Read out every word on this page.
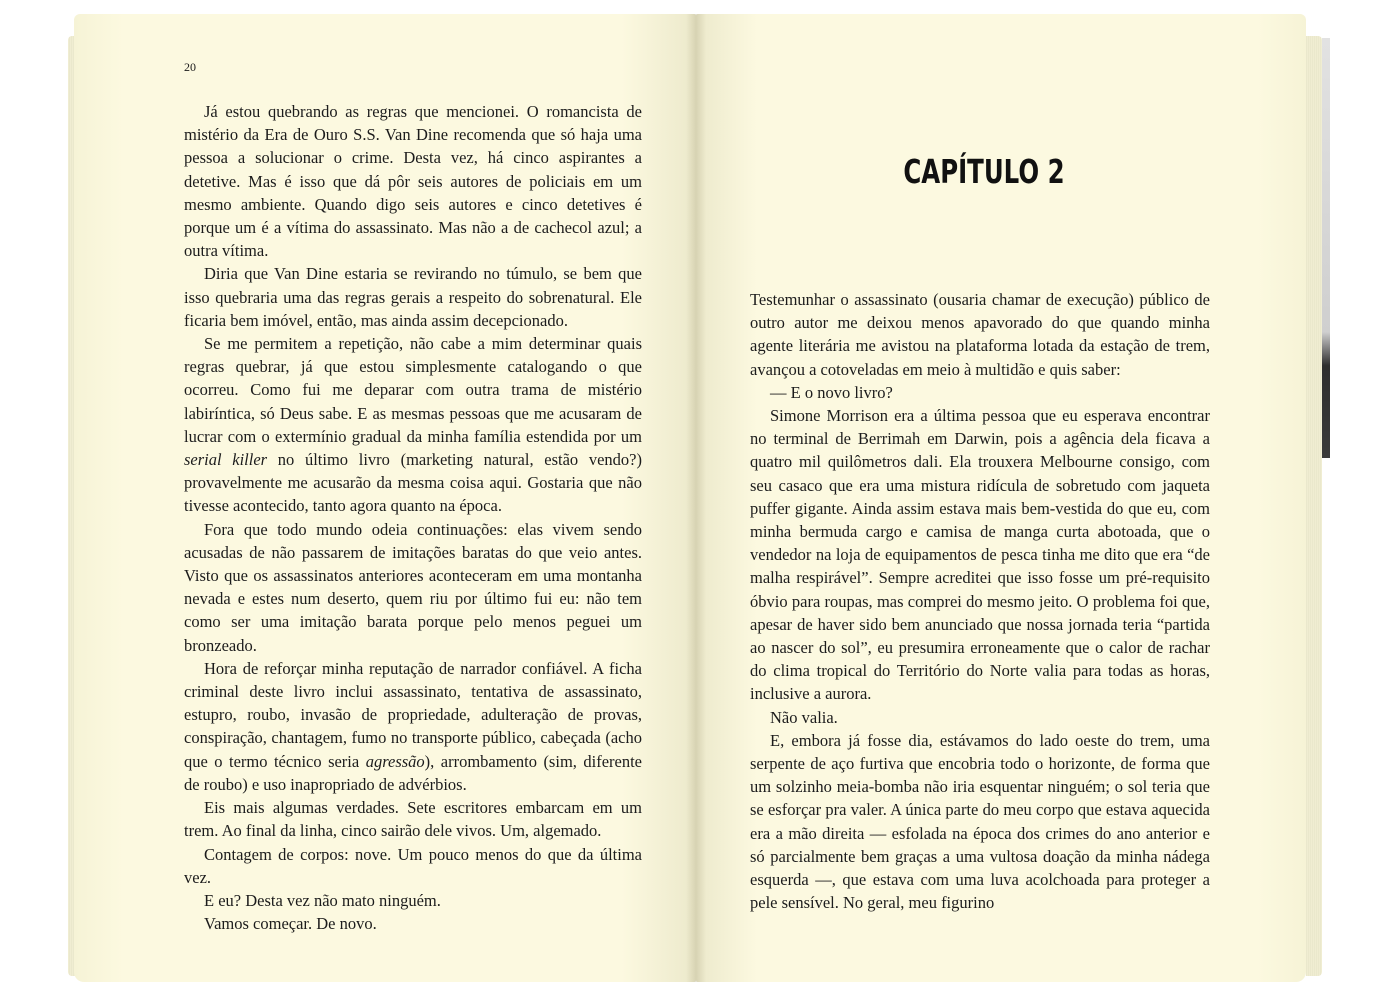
20

Já estou quebrando as regras que mencionei. O romancista de mistério da Era de Ouro S.S. Van Dine recomenda que só haja uma pessoa a solucionar o crime. Desta vez, há cinco aspirantes a detetive. Mas é isso que dá pôr seis autores de policiais em um mesmo ambiente. Quando digo seis autores e cinco detetives é porque um é a vítima do assassinato. Mas não a de cachecol azul; a outra vítima.

Diria que Van Dine estaria se revirando no túmulo, se bem que isso quebraria uma das regras gerais a respeito do sobrenatural. Ele ficaria bem imóvel, então, mas ainda assim decepcionado.

Se me permitem a repetição, não cabe a mim determinar quais regras quebrar, já que estou simplesmente catalogando o que ocorreu. Como fui me deparar com outra trama de mistério labiríntica, só Deus sabe. E as mesmas pessoas que me acusaram de lucrar com o extermínio gradual da minha família estendida por um serial killer no último livro (marketing natural, estão vendo?) provavelmente me acusarão da mesma coisa aqui. Gostaria que não tivesse acontecido, tanto agora quanto na época.

Fora que todo mundo odeia continuações: elas vivem sendo acusadas de não passarem de imitações baratas do que veio antes. Visto que os assassinatos anteriores aconteceram em uma montanha nevada e estes num deserto, quem riu por último fui eu: não tem como ser uma imitação barata porque pelo menos peguei um bronzeado.

Hora de reforçar minha reputação de narrador confiável. A ficha criminal deste livro inclui assassinato, tentativa de assassinato, estupro, roubo, invasão de propriedade, adulteração de provas, conspiração, chantagem, fumo no transporte público, cabeçada (acho que o termo técnico seria agressão), arrombamento (sim, diferente de roubo) e uso inapropriado de advérbios.

Eis mais algumas verdades. Sete escritores embarcam em um trem. Ao final da linha, cinco sairão dele vivos. Um, algemado.

Contagem de corpos: nove. Um pouco menos do que da última vez.

E eu? Desta vez não mato ninguém.

Vamos começar. De novo.

CAPÍTULO 2

Testemunhar o assassinato (ousaria chamar de execução) público de outro autor me deixou menos apavorado do que quando minha agente literária me avistou na plataforma lotada da estação de trem, avançou a cotoveladas em meio à multidão e quis saber:

— E o novo livro?

Simone Morrison era a última pessoa que eu esperava encontrar no terminal de Berrimah em Darwin, pois a agência dela ficava a quatro mil quilômetros dali. Ela trouxera Melbourne consigo, com seu casaco que era uma mistura ridícula de sobretudo com jaqueta puffer gigante. Ainda assim estava mais bem-vestida do que eu, com minha bermuda cargo e camisa de manga curta abotoada, que o vendedor na loja de equipamentos de pesca tinha me dito que era “de malha respirável”. Sempre acreditei que isso fosse um pré-requisito óbvio para roupas, mas comprei do mesmo jeito. O problema foi que, apesar de haver sido bem anunciado que nossa jornada teria “partida ao nascer do sol”, eu presumira erroneamente que o calor de rachar do clima tropical do Território do Norte valia para todas as horas, inclusive a aurora.

Não valia.

E, embora já fosse dia, estávamos do lado oeste do trem, uma serpente de aço furtiva que encobria todo o horizonte, de forma que um solzinho meia-bomba não iria esquentar ninguém; o sol teria que se esforçar pra valer. A única parte do meu corpo que estava aquecida era a mão direita — esfolada na época dos crimes do ano anterior e só parcialmente bem graças a uma vultosa doação da minha nádega esquerda —, que estava com uma luva acolchoada para proteger a pele sensível. No geral, meu figurino
